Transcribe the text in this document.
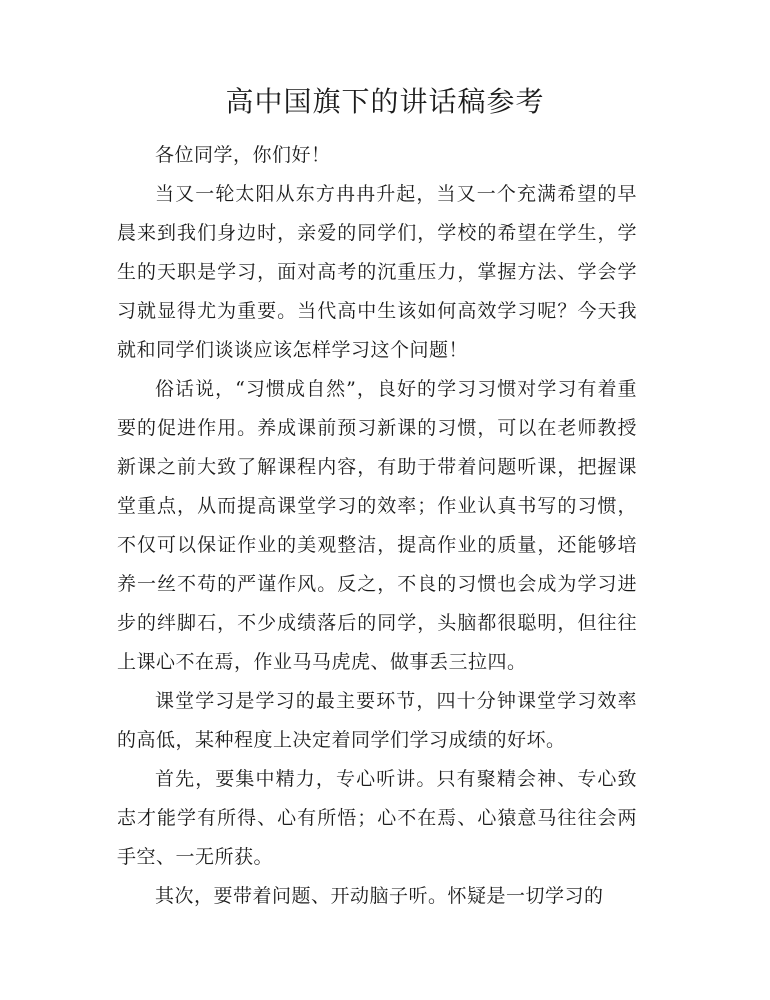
高中国旗下的讲话稿参考

各位同学，你们好！

当又一轮太阳从东方冉冉升起，当又一个充满希望的早晨来到我们身边时，亲爱的同学们，学校的希望在学生，学生的天职是学习，面对高考的沉重压力，掌握方法、学会学习就显得尤为重要。当代高中生该如何高效学习呢？今天我就和同学们谈谈应该怎样学习这个问题！

俗话说，“习惯成自然”，良好的学习习惯对学习有着重要的促进作用。养成课前预习新课的习惯，可以在老师教授新课之前大致了解课程内容，有助于带着问题听课，把握课堂重点，从而提高课堂学习的效率；作业认真书写的习惯，不仅可以保证作业的美观整洁，提高作业的质量，还能够培养一丝不苟的严谨作风。反之，不良的习惯也会成为学习进步的绊脚石，不少成绩落后的同学，头脑都很聪明，但往往上课心不在焉，作业马马虎虎、做事丢三拉四。

课堂学习是学习的最主要环节，四十分钟课堂学习效率的高低，某种程度上决定着同学们学习成绩的好坏。

首先，要集中精力，专心听讲。只有聚精会神、专心致志才能学有所得、心有所悟；心不在焉、心猿意马往往会两手空、一无所获。

其次，要带着问题、开动脑子听。怀疑是一切学习的
